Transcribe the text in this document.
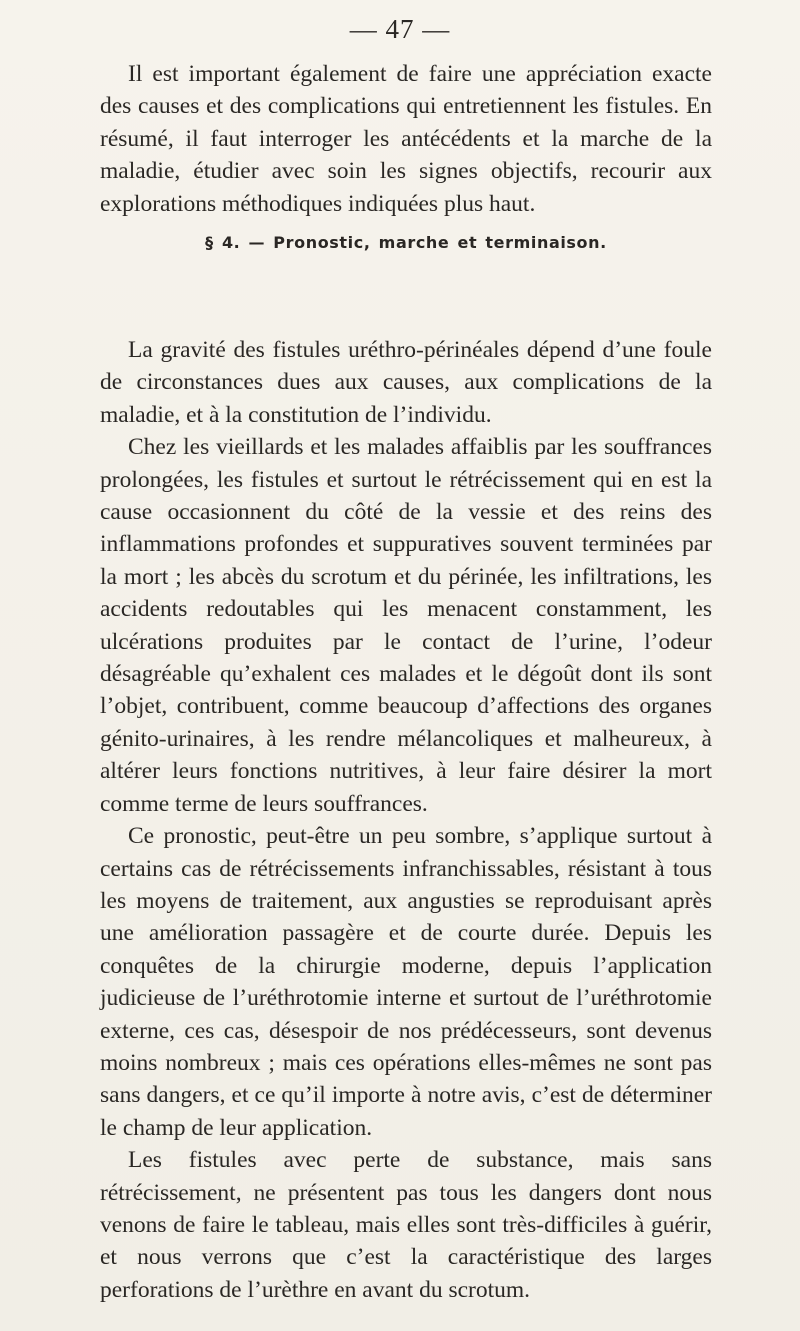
— 47 —

Il est important également de faire une appréciation exacte des causes et des complications qui entretiennent les fistules. En résumé, il faut interroger les antécédents et la marche de la maladie, étudier avec soin les signes objectifs, recourir aux explorations méthodiques indiquées plus haut.

§ 4. — Pronostic, marche et terminaison.

La gravité des fistules uréthro-périnéales dépend d’une foule de circonstances dues aux causes, aux complications de la maladie, et à la constitution de l’individu.

Chez les vieillards et les malades affaiblis par les souffrances prolongées, les fistules et surtout le rétrécissement qui en est la cause occasionnent du côté de la vessie et des reins des inflammations profondes et suppuratives souvent terminées par la mort ; les abcès du scrotum et du périnée, les infiltrations, les accidents redoutables qui les menacent constamment, les ulcérations produites par le contact de l’urine, l’odeur désagréable qu’exhalent ces malades et le dégoût dont ils sont l’objet, contribuent, comme beaucoup d’affections des organes génito-urinaires, à les rendre mélancoliques et malheureux, à altérer leurs fonctions nutritives, à leur faire désirer la mort comme terme de leurs souffrances.

Ce pronostic, peut-être un peu sombre, s’applique surtout à certains cas de rétrécissements infranchissables, résistant à tous les moyens de traitement, aux angusties se reproduisant après une amélioration passagère et de courte durée. Depuis les conquêtes de la chirurgie moderne, depuis l’application judicieuse de l’uréthrotomie interne et surtout de l’uréthrotomie externe, ces cas, désespoir de nos prédécesseurs, sont devenus moins nombreux ; mais ces opérations elles-mêmes ne sont pas sans dangers, et ce qu’il importe à notre avis, c’est de déterminer le champ de leur application.

Les fistules avec perte de substance, mais sans rétrécissement, ne présentent pas tous les dangers dont nous venons de faire le tableau, mais elles sont très-difficiles à guérir, et nous verrons que c’est la caractéristique des larges perforations de l’urèthre en avant du scrotum.
